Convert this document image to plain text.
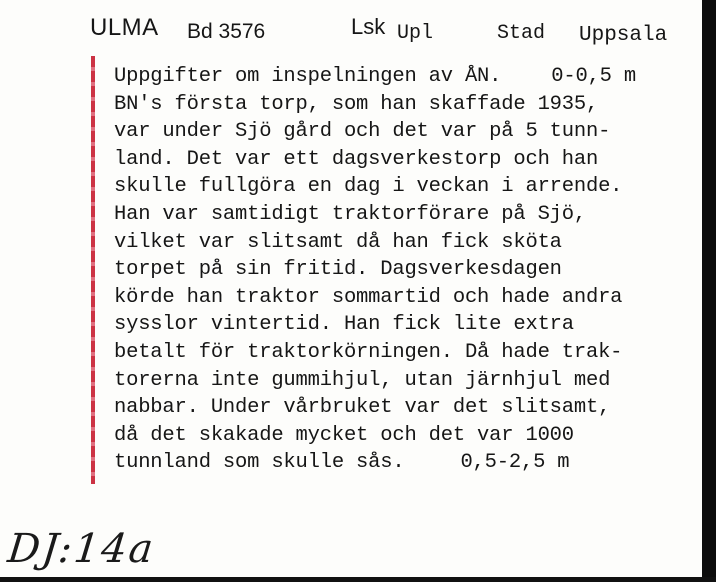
ULMA Bd 3576	Lsk Upl	Stad Uppsala
Uppgifter om inspelningen av ÅN. 0-0,5 m
BN's första torp, som han skaffade 1935,
var under Sjö gård och det var på 5 tunn-
land. Det var ett dagsverkestorp och han
skulle fullgöra en dag i veckan i arrende.
Han var samtidigt traktorförare på Sjö,
vilket var slitsamt då han fick sköta
torpet på sin fritid. Dagsverkesdagen
körde han traktor sommartid och hade andra
sysslor vintertid. Han fick lite extra
betalt för traktorkörningen. Då hade trak-
torerna inte gummihjul, utan järnhjul med
nabbar. Under vårbruket var det slitsamt,
då det skakade mycket och det var 1000
tunnland som skulle sås.	0,5-2,5 m
DJ:14a
